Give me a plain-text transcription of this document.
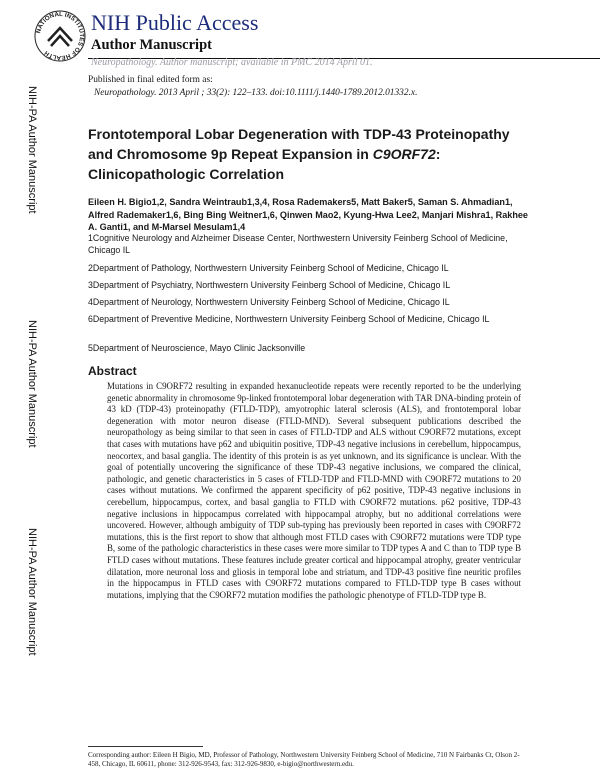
NATIONAL INSTITUTES OF HEALTH
NIH Public Access
Author Manuscript
Neuropathology. Author manuscript; available in PMC 2014 April 01.
Published in final edited form as:
Neuropathology. 2013 April ; 33(2): 122–133. doi:10.1111/j.1440-1789.2012.01332.x.
NIH-PA Author Manuscript
NIH-PA Author Manuscript
NIH-PA Author Manuscript
Frontotemporal Lobar Degeneration with TDP-43 Proteinopathy
and Chromosome 9p Repeat Expansion in C9ORF72:
Clinicopathologic Correlation
Eileen H. Bigio1,2, Sandra Weintraub1,3,4, Rosa Rademakers5, Matt Baker5, Saman S. Ahmadian1, Alfred Rademaker1,6, Bing Bing Weitner1,6, Qinwen Mao2, Kyung-Hwa Lee2, Manjari Mishra1, Rakhee A. Ganti1, and M-Marsel Mesulam1,4
1Cognitive Neurology and Alzheimer Disease Center, Northwestern University Feinberg School of Medicine, Chicago IL
2Department of Pathology, Northwestern University Feinberg School of Medicine, Chicago IL
3Department of Psychiatry, Northwestern University Feinberg School of Medicine, Chicago IL
4Department of Neurology, Northwestern University Feinberg School of Medicine, Chicago IL
6Department of Preventive Medicine, Northwestern University Feinberg School of Medicine, Chicago IL
5Department of Neuroscience, Mayo Clinic Jacksonville
Abstract
Mutations in C9ORF72 resulting in expanded hexanucleotide repeats were recently reported to be the underlying genetic abnormality in chromosome 9p-linked frontotemporal lobar degeneration with TAR DNA-binding protein of 43 kD (TDP-43) proteinopathy (FTLD-TDP), amyotrophic lateral sclerosis (ALS), and frontotemporal lobar degeneration with motor neuron disease (FTLD-MND). Several subsequent publications described the neuropathology as being similar to that seen in cases of FTLD-TDP and ALS without C9ORF72 mutations, except that cases with mutations have p62 and ubiquitin positive, TDP-43 negative inclusions in cerebellum, hippocampus, neocortex, and basal ganglia. The identity of this protein is as yet unknown, and its significance is unclear. With the goal of potentially uncovering the significance of these TDP-43 negative inclusions, we compared the clinical, pathologic, and genetic characteristics in 5 cases of FTLD-TDP and FTLD-MND with C9ORF72 mutations to 20 cases without mutations. We confirmed the apparent specificity of p62 positive, TDP-43 negative inclusions in cerebellum, hippocampus, cortex, and basal ganglia to FTLD with C9ORF72 mutations. p62 positive, TDP-43 negative inclusions in hippocampus correlated with hippocampal atrophy, but no additional correlations were uncovered. However, although ambiguity of TDP sub-typing has previously been reported in cases with C9ORF72 mutations, this is the first report to show that although most FTLD cases with C9ORF72 mutations were TDP type B, some of the pathologic characteristics in these cases were more similar to TDP types A and C than to TDP type B FTLD cases without mutations. These features include greater cortical and hippocampal atrophy, greater ventricular dilatation, more neuronal loss and gliosis in temporal lobe and striatum, and TDP-43 positive fine neuritic profiles in the hippocampus in FTLD cases with C9ORF72 mutations compared to FTLD-TDP type B cases without mutations, implying that the C9ORF72 mutation modifies the pathologic phenotype of FTLD-TDP type B.
Corresponding author: Eileen H Bigio, MD, Professor of Pathology, Northwestern University Feinberg School of Medicine, 710 N Fairbanks Ct, Olson 2-458, Chicago, IL 60611, phone: 312-926-9543, fax: 312-926-9830, e-bigio@northwestern.edu.
